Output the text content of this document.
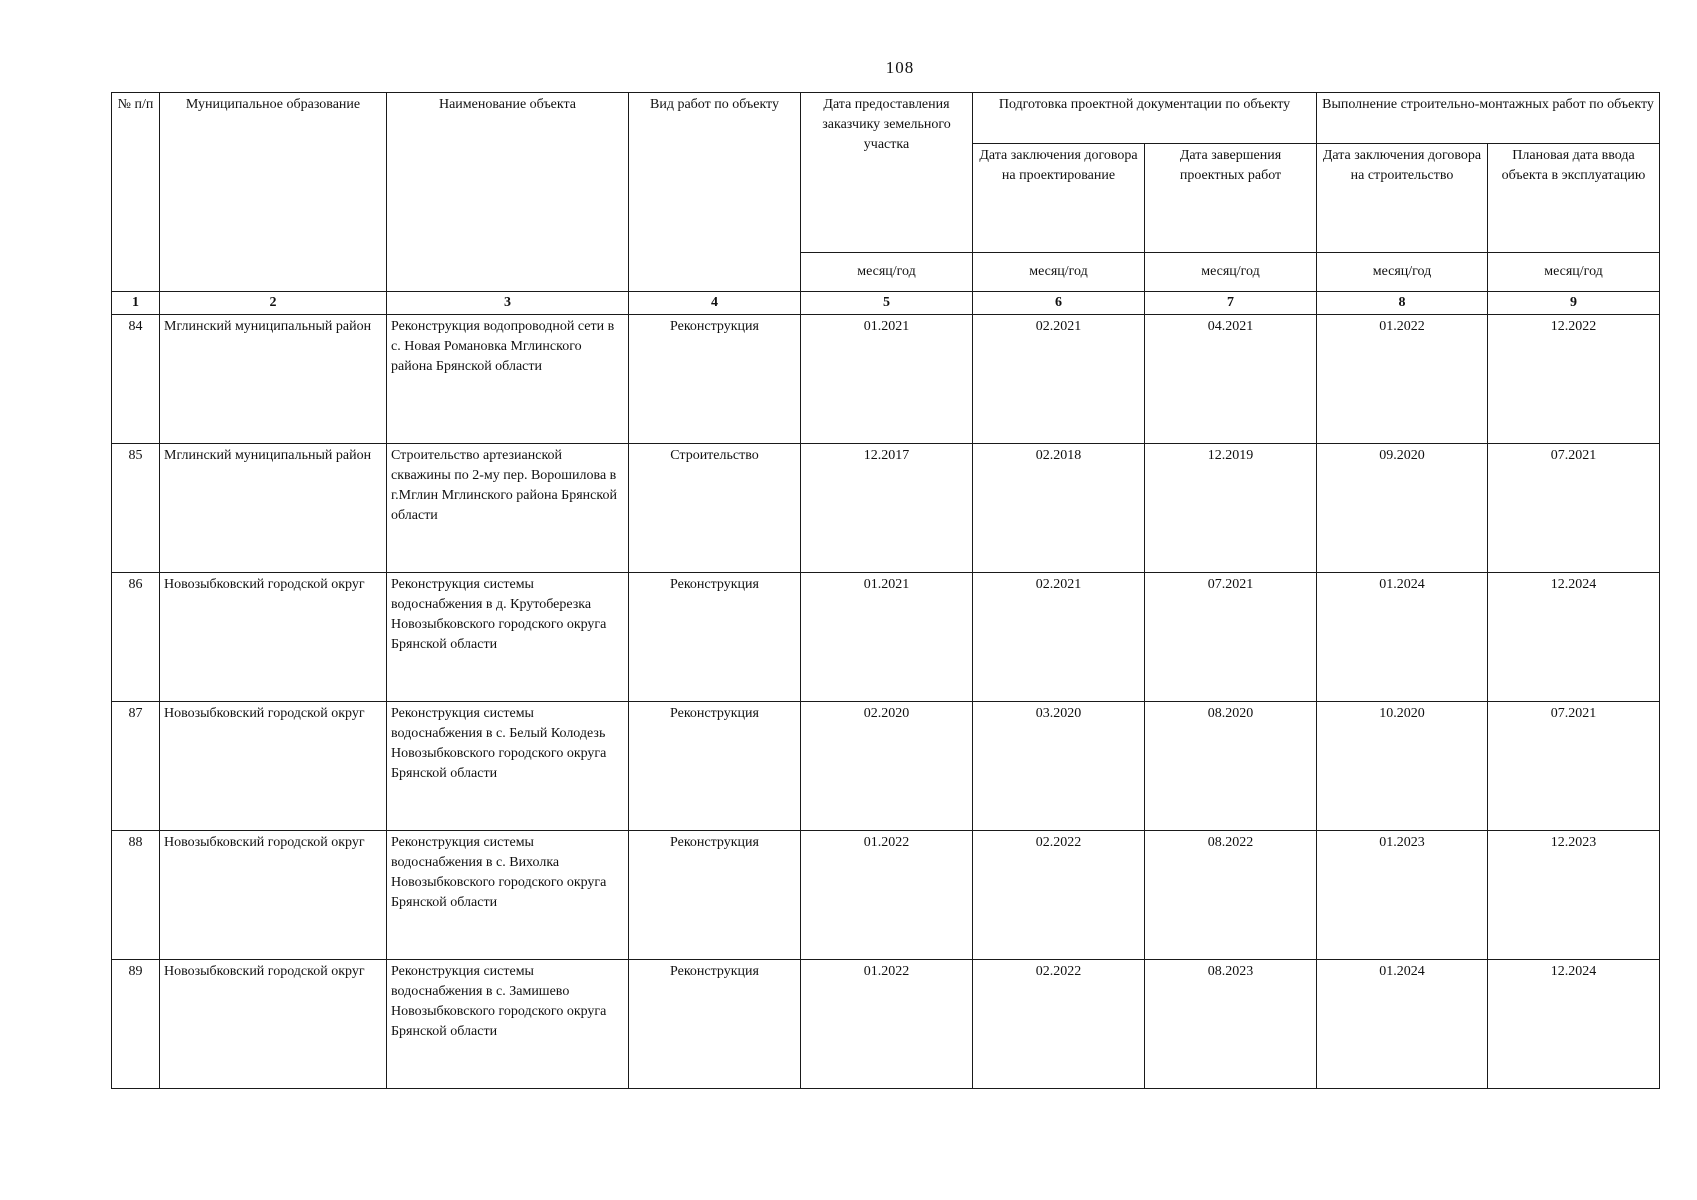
108
№ п/п	Муниципальное образование	Наименование объекта	Вид работ по объекту	Дата предоставления заказчику земельного участка	Подготовка проектной документации по объекту		Выполнение строительно-монтажных работ по объекту	
					Дата заключения договора на проектирование	Дата завершения проектных работ	Дата заключения договора на строительство	Плановая дата ввода объекта в эксплуатацию
				месяц/год	месяц/год	месяц/год	месяц/год	месяц/год
1	2	3	4	5	6	7	8	9
84	Мглинский муниципальный район	Реконструкция водопроводной сети в с. Новая Романовка Мглинского района Брянской области	Реконструкция	01.2021	02.2021	04.2021	01.2022	12.2022
85	Мглинский муниципальный район	Строительство артезианской скважины по 2-му пер. Ворошилова в г.Мглин Мглинского района Брянской области	Строительство	12.2017	02.2018	12.2019	09.2020	07.2021
86	Новозыбковский городской округ	Реконструкция системы водоснабжения в д. Крутоберезка Новозыбковского городского округа Брянской области	Реконструкция	01.2021	02.2021	07.2021	01.2024	12.2024
87	Новозыбковский городской округ	Реконструкция системы водоснабжения в с. Белый Колодезь Новозыбковского городского округа Брянской области	Реконструкция	02.2020	03.2020	08.2020	10.2020	07.2021
88	Новозыбковский городской округ	Реконструкция системы водоснабжения в с. Вихолка Новозыбковского городского округа Брянской области	Реконструкция	01.2022	02.2022	08.2022	01.2023	12.2023
89	Новозыбковский городской округ	Реконструкция системы водоснабжения в с. Замишево Новозыбковского городского округа Брянской области	Реконструкция	01.2022	02.2022	08.2023	01.2024	12.2024
